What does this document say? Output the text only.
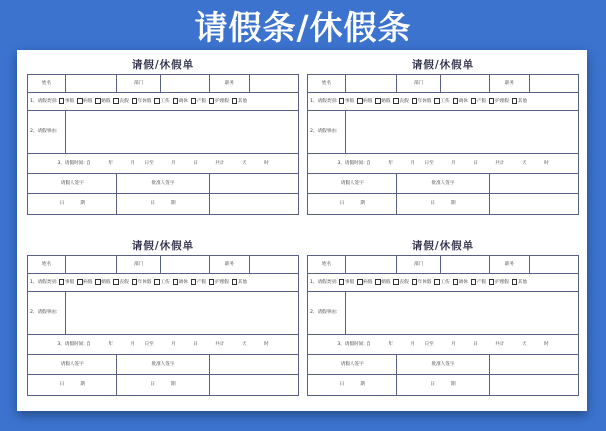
请假条/休假条
请假/休假单
姓名		部门		职务	
1、请假类别: 事假 病假 婚假 丧假 年休假 工伤 调休 产假 护理假 其他					
2、请假事由:					
3、请假时间: 自 年 月 日至 月 日 共计 天 时					
请假人签字		批准人签字			
日 期		日 期			
请假/休假单
姓名		部门		职务	
1、请假类别: 事假 病假 婚假 丧假 年休假 工伤 调休 产假 护理假 其他					
2、请假事由:					
3、请假时间: 自 年 月 日至 月 日 共计 天 时					
请假人签字		批准人签字			
日 期		日 期			
请假/休假单
姓名		部门		职务	
1、请假类别: 事假 病假 婚假 丧假 年休假 工伤 调休 产假 护理假 其他					
2、请假事由:					
3、请假时间: 自 年 月 日至 月 日 共计 天 时					
请假人签字		批准人签字			
日 期		日 期			
请假/休假单
姓名		部门		职务	
1、请假类别: 事假 病假 婚假 丧假 年休假 工伤 调休 产假 护理假 其他					
2、请假事由:					
3、请假时间: 自 年 月 日至 月 日 共计 天 时					
请假人签字		批准人签字			
日 期		日 期			
